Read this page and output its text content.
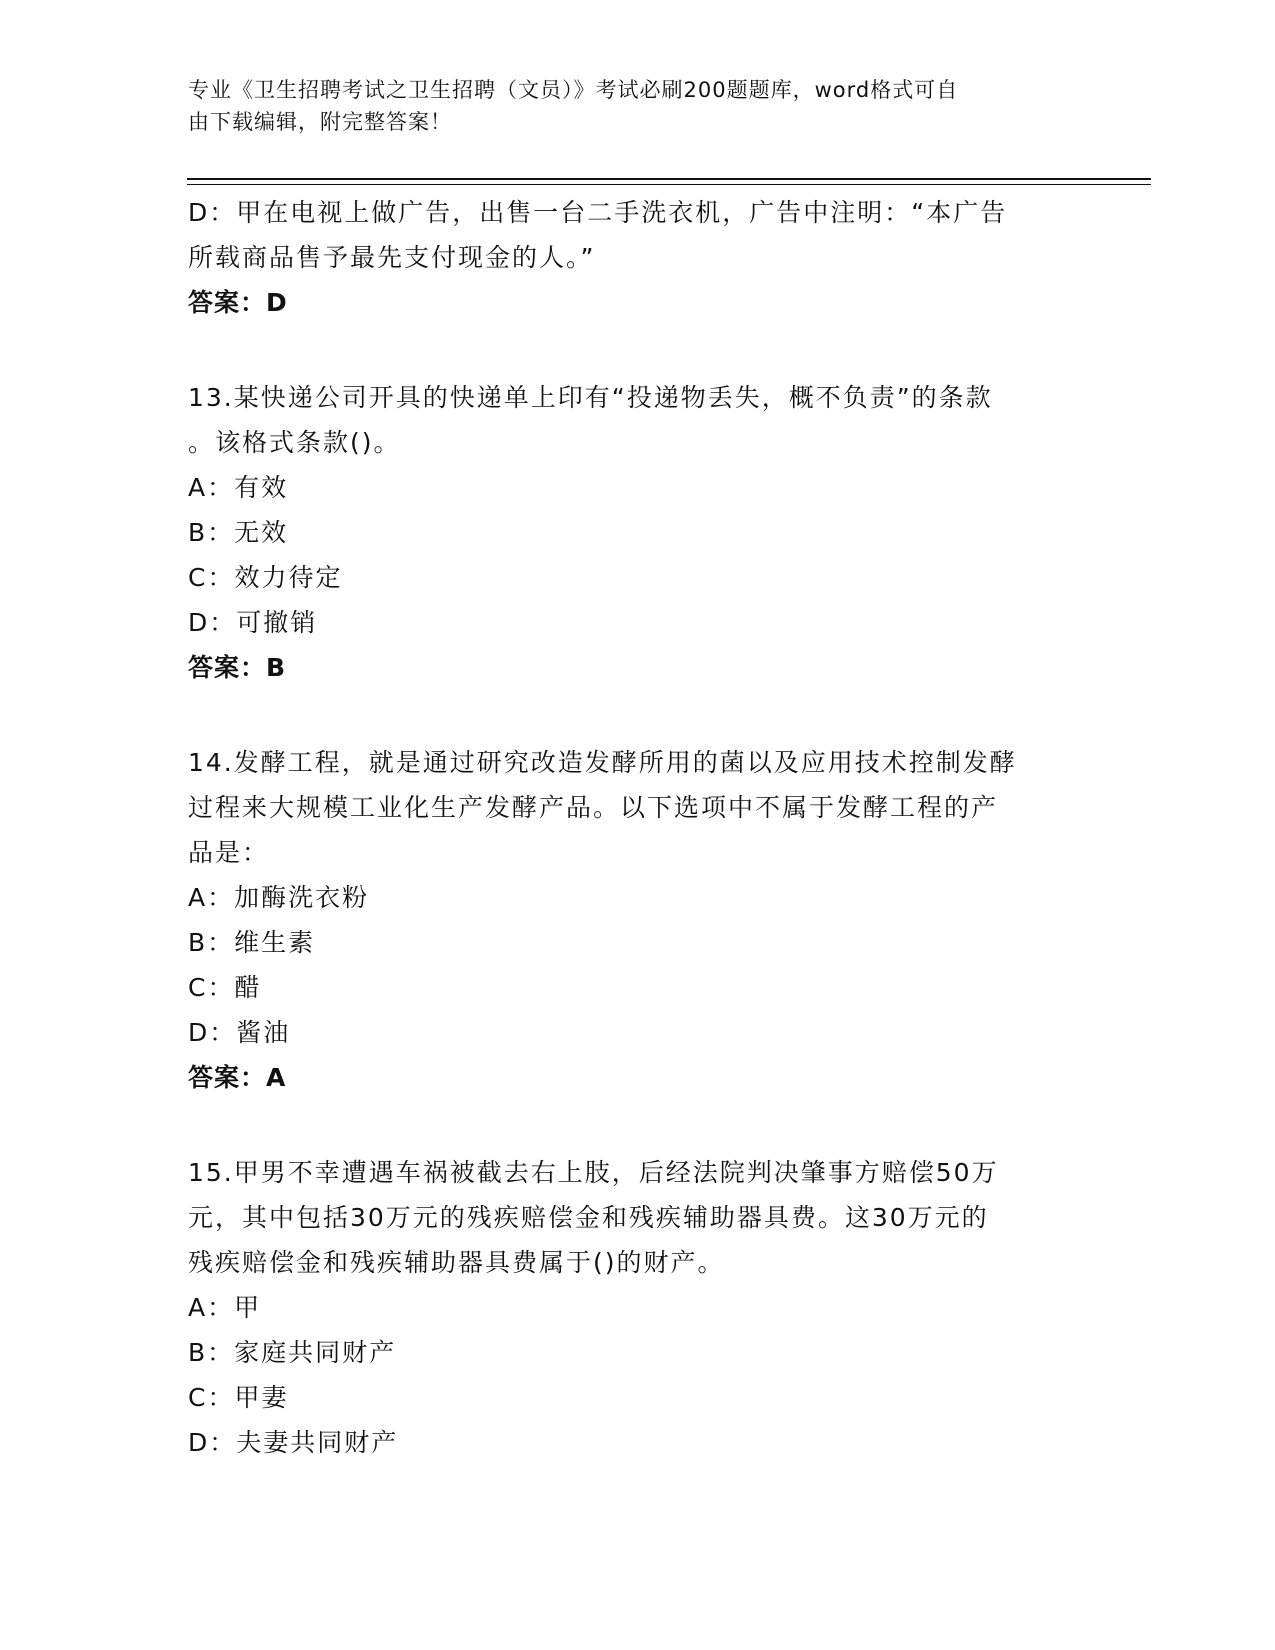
专业《卫生招聘考试之卫生招聘（文员）》考试必刷200题题库，word格式可自
由下载编辑，附完整答案！

D：甲在电视上做广告，出售一台二手洗衣机，广告中注明：“本广告

所载商品售予最先支付现金的人。”

答案：D

13.某快递公司开具的快递单上印有“投递物丢失，概不负责”的条款

。该格式条款()。

A：有效

B：无效

C：效力待定

D：可撤销

答案：B

14.发酵工程，就是通过研究改造发酵所用的菌以及应用技术控制发酵

过程来大规模工业化生产发酵产品。以下选项中不属于发酵工程的产

品是：

A：加酶洗衣粉

B：维生素

C：醋

D：酱油

答案：A

15.甲男不幸遭遇车祸被截去右上肢，后经法院判决肇事方赔偿50万

元，其中包括30万元的残疾赔偿金和残疾辅助器具费。这30万元的

残疾赔偿金和残疾辅助器具费属于()的财产。

A：甲

B：家庭共同财产

C：甲妻

D：夫妻共同财产
